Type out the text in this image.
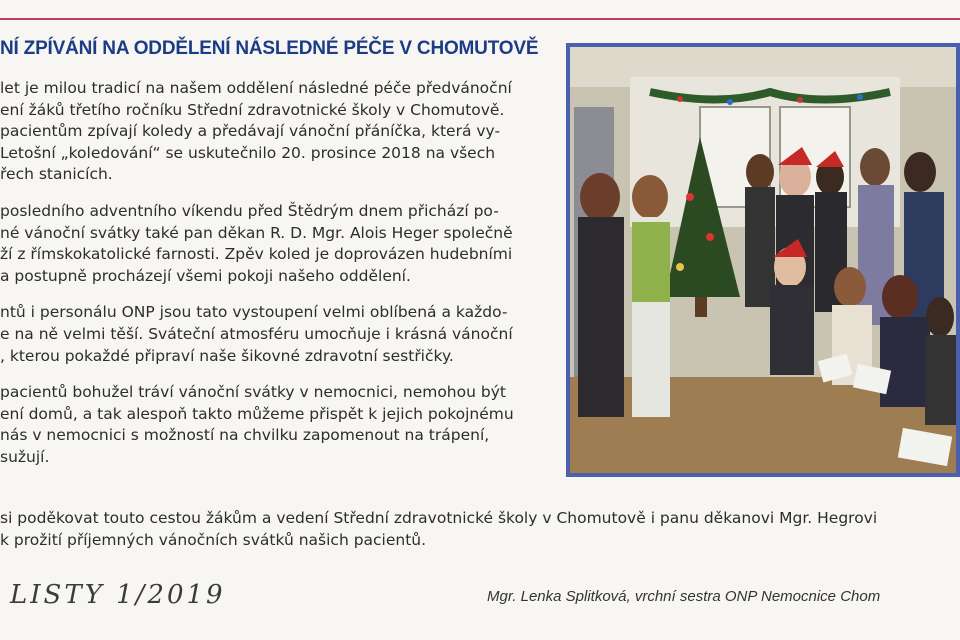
NÍ ZPÍVÁNÍ NA ODDĚLENÍ NÁSLEDNÉ PÉČE V CHOMUTOVĚ

let je milou tradicí na našem oddělení následné péče předvánoční
ení žáků třetího ročníku Střední zdravotnické školy v Chomutově.
pacientům zpívají koledy a předávají vánoční přáníčka, která vy-
Letošní „koledování“ se uskutečnilo 20. prosince 2018 na všech
řech stanicích.

posledního adventního víkendu před Štědrým dnem přichází po-
né vánoční svátky také pan děkan R. D. Mgr. Alois Heger společně
ží z římskokatolické farnosti. Zpěv koled je doprovázen hudebními
a postupně procházejí všemi pokoji našeho oddělení.

ntů i personálu ONP jsou tato vystoupení velmi oblíbená a každo-
e na ně velmi těší. Sváteční atmosféru umocňuje i krásná vánoční
, kterou pokaždé připraví naše šikovné zdravotní sestřičky.

pacientů bohužel tráví vánoční svátky v nemocnici, nemohou být
ení domů, a tak alespoň takto můžeme přispět k jejich pokojnému
nás v nemocnici s možností na chvilku zapomenout na trápení,
sužují.

si poděkovat touto cestou žákům a vedení Střední zdravotnické školy v Chomutově i panu děkanovi Mgr. Hegrovi
k prožití příjemných vánočních svátků našich pacientů.
LISTY 1/2019	Mgr. Lenka Splitková, vrchní sestra ONP Nemocnice Chom
